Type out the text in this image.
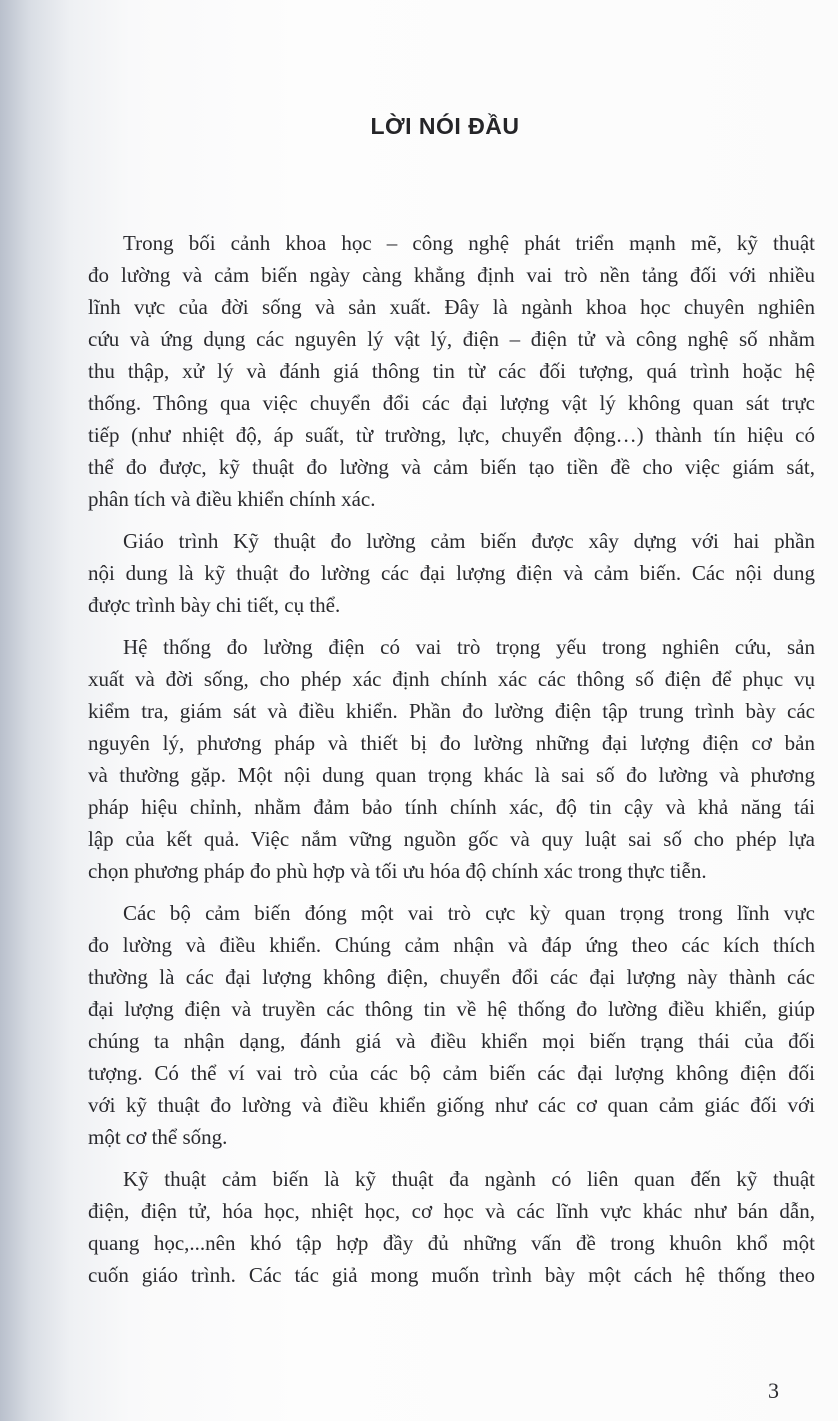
LỜI NÓI ĐẦU
Trong bối cảnh khoa học – công nghệ phát triển mạnh mẽ, kỹ thuật
đo lường và cảm biến ngày càng khẳng định vai trò nền tảng đối với nhiều
lĩnh vực của đời sống và sản xuất. Đây là ngành khoa học chuyên nghiên
cứu và ứng dụng các nguyên lý vật lý, điện – điện tử và công nghệ số nhằm
thu thập, xử lý và đánh giá thông tin từ các đối tượng, quá trình hoặc hệ
thống. Thông qua việc chuyển đổi các đại lượng vật lý không quan sát trực
tiếp (như nhiệt độ, áp suất, từ trường, lực, chuyển động…) thành tín hiệu có
thể đo được, kỹ thuật đo lường và cảm biến tạo tiền đề cho việc giám sát,
phân tích và điều khiển chính xác.
Giáo trình Kỹ thuật đo lường cảm biến được xây dựng với hai phần
nội dung là kỹ thuật đo lường các đại lượng điện và cảm biến. Các nội dung
được trình bày chi tiết, cụ thể.
Hệ thống đo lường điện có vai trò trọng yếu trong nghiên cứu, sản
xuất và đời sống, cho phép xác định chính xác các thông số điện để phục vụ
kiểm tra, giám sát và điều khiển. Phần đo lường điện tập trung trình bày các
nguyên lý, phương pháp và thiết bị đo lường những đại lượng điện cơ bản
và thường gặp. Một nội dung quan trọng khác là sai số đo lường và phương
pháp hiệu chỉnh, nhằm đảm bảo tính chính xác, độ tin cậy và khả năng tái
lập của kết quả. Việc nắm vững nguồn gốc và quy luật sai số cho phép lựa
chọn phương pháp đo phù hợp và tối ưu hóa độ chính xác trong thực tiễn.
Các bộ cảm biến đóng một vai trò cực kỳ quan trọng trong lĩnh vực
đo lường và điều khiển. Chúng cảm nhận và đáp ứng theo các kích thích
thường là các đại lượng không điện, chuyển đổi các đại lượng này thành các
đại lượng điện và truyền các thông tin về hệ thống đo lường điều khiển, giúp
chúng ta nhận dạng, đánh giá và điều khiển mọi biến trạng thái của đối
tượng. Có thể ví vai trò của các bộ cảm biến các đại lượng không điện đối
với kỹ thuật đo lường và điều khiển giống như các cơ quan cảm giác đối với
một cơ thể sống.
Kỹ thuật cảm biến là kỹ thuật đa ngành có liên quan đến kỹ thuật
điện, điện tử, hóa học, nhiệt học, cơ học và các lĩnh vực khác như bán dẫn,
quang học,...nên khó tập hợp đầy đủ những vấn đề trong khuôn khổ một
cuốn giáo trình. Các tác giả mong muốn trình bày một cách hệ thống theo
3
